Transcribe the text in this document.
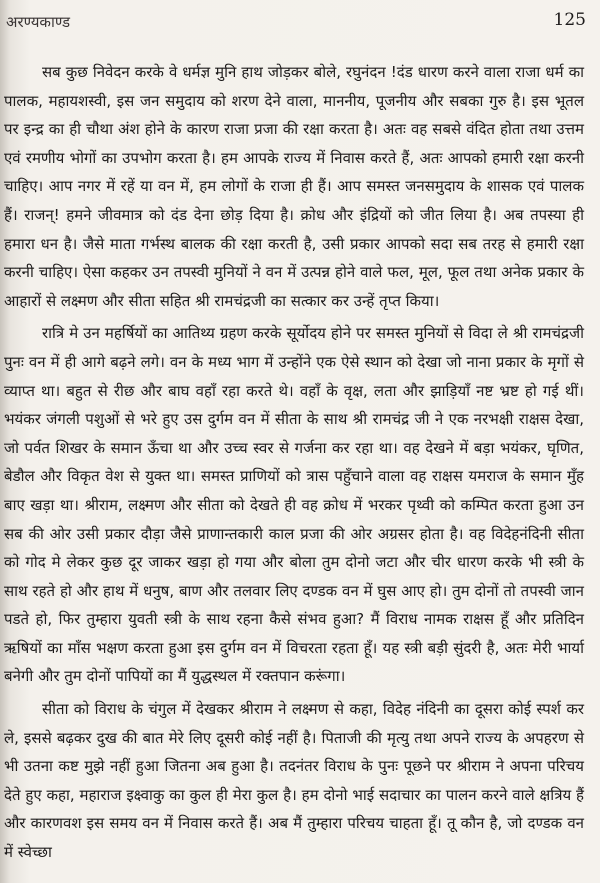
अरण्यकाण्ड	125

सब कुछ निवेदन करके वे धर्मज्ञ मुनि हाथ जोड़कर बोले, रघुनंदन !दंड धारण करने वाला राजा धर्म का पालक, महायशस्वी, इस जन समुदाय को शरण देने वाला, माननीय, पूजनीय और सबका गुरु है। इस भूतल पर इन्द्र का ही चौथा अंश होने के कारण राजा प्रजा की रक्षा करता है। अतः वह सबसे वंदित होता तथा उत्तम एवं रमणीय भोगों का उपभोग करता है। हम आपके राज्य में निवास करते हैं, अतः आपको हमारी रक्षा करनी चाहिए। आप नगर में रहें या वन में, हम लोगों के राजा ही हैं। आप समस्त जनसमुदाय के शासक एवं पालक हैं। राजन्! हमने जीवमात्र को दंड देना छोड़ दिया है। क्रोध और इंद्रियों को जीत लिया है। अब तपस्या ही हमारा धन है। जैसे माता गर्भस्थ बालक की रक्षा करती है, उसी प्रकार आपको सदा सब तरह से हमारी रक्षा करनी चाहिए। ऐसा कहकर उन तपस्वी मुनियों ने वन में उत्पन्न होने वाले फल, मूल, फूल तथा अनेक प्रकार के आहारों से लक्ष्मण और सीता सहित श्री रामचंद्रजी का सत्कार कर उन्हें तृप्त किया।

रात्रि मे उन महर्षियों का आतिथ्य ग्रहण करके सूर्योदय होने पर समस्त मुनियों से विदा ले श्री रामचंद्रजी पुनः वन में ही आगे बढ़ने लगे। वन के मध्य भाग में उन्होंने एक ऐसे स्थान को देखा जो नाना प्रकार के मृगों से व्याप्त था। बहुत से रीछ और बाघ वहाँ रहा करते थे। वहाँ के वृक्ष, लता और झाड़ियाँ नष्ट भ्रष्ट हो गई थीं। भयंकर जंगली पशुओं से भरे हुए उस दुर्गम वन में सीता के साथ श्री रामचंद्र जी ने एक नरभक्षी राक्षस देखा, जो पर्वत शिखर के समान ऊँचा था और उच्च स्वर से गर्जना कर रहा था। वह देखने में बड़ा भयंकर, घृणित, बेडौल और विकृत वेश से युक्त था। समस्त प्राणियों को त्रास पहुँचाने वाला वह राक्षस यमराज के समान मुँह बाए खड़ा था। श्रीराम, लक्ष्मण और सीता को देखते ही वह क्रोध में भरकर पृथ्वी को कम्पित करता हुआ उन सब की ओर उसी प्रकार दौड़ा जैसे प्राणान्तकारी काल प्रजा की ओर अग्रसर होता है। वह विदेहनंदिनी सीता को गोद मे लेकर कुछ दूर जाकर खड़ा हो गया और बोला तुम दोनो जटा और चीर धारण करके भी स्त्री के साथ रहते हो और हाथ में धनुष, बाण और तलवार लिए दण्डक वन में घुस आए हो। तुम दोनों तो तपस्वी जान पडते हो, फिर तुम्हारा युवती स्त्री के साथ रहना कैसे संभव हुआ? मैं विराध नामक राक्षस हूँ और प्रतिदिन ऋषियों का माँस भक्षण करता हुआ इस दुर्गम वन में विचरता रहता हूँ। यह स्त्री बड़ी सुंदरी है, अतः मेरी भार्या बनेगी और तुम दोनों पापियों का मैं युद्धस्थल में रक्तपान करूंगा।

सीता को विराध के चंगुल में देखकर श्रीराम ने लक्ष्मण से कहा, विदेह नंदिनी का दूसरा कोई स्पर्श कर ले, इससे बढ़कर दुख की बात मेरे लिए दूसरी कोई नहीं है। पिताजी की मृत्यु तथा अपने राज्य के अपहरण से भी उतना कष्ट मुझे नहीं हुआ जितना अब हुआ है। तदनंतर विराध के पुनः पूछने पर श्रीराम ने अपना परिचय देते हुए कहा, महाराज इक्ष्वाकु का कुल ही मेरा कुल है। हम दोनो भाई सदाचार का पालन करने वाले क्षत्रिय हैं और कारणवश इस समय वन में निवास करते हैं। अब मैं तुम्हारा परिचय चाहता हूँ। तू कौन है, जो दण्डक वन में स्वेच्छा
